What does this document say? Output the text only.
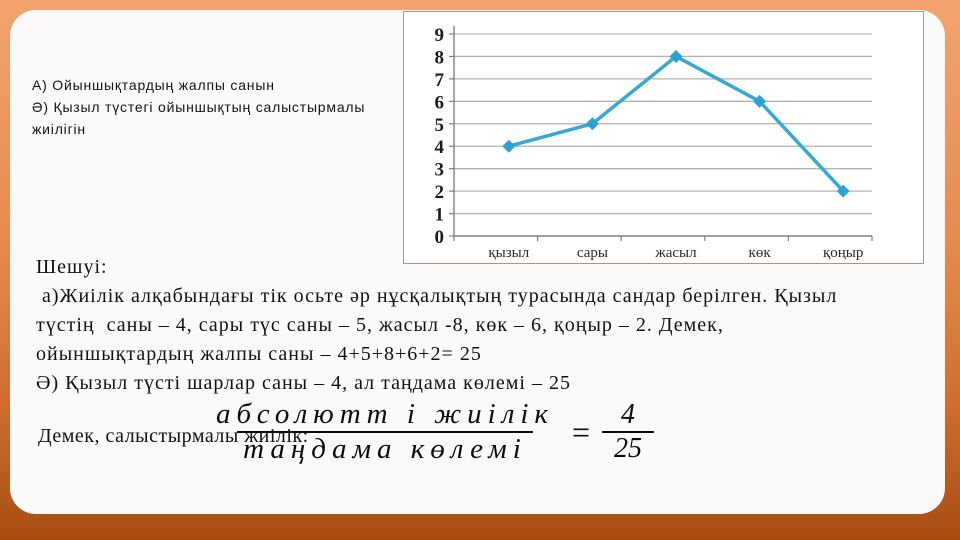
А) Ойыншықтардың жалпы санын
Ә) Қызыл түстегі ойыншықтың салыстырмалы
жиілігін
0
1
2
3
4
5
6
7
8
9
қызыл	сары	жасыл	көк	қоңыр
Шешуі:
а)Жиілік алқабындағы тік осьте әр нұсқалықтың турасында сандар берілген. Қызыл
түстің  саны – 4, сары түс саны – 5, жасыл -8, көк – 6, қоңыр – 2. Демек,
ойыншықтардың жалпы саны – 4+5+8+6+2= 25
Ә) Қызыл түсті шарлар саны – 4, ал таңдама көлемі – 25
Демек, салыстырмалы жиілік:
$\frac{\text{абсолютт і жиілік}}{\text{таңдама көлемі}} = \frac{4}{25}$
